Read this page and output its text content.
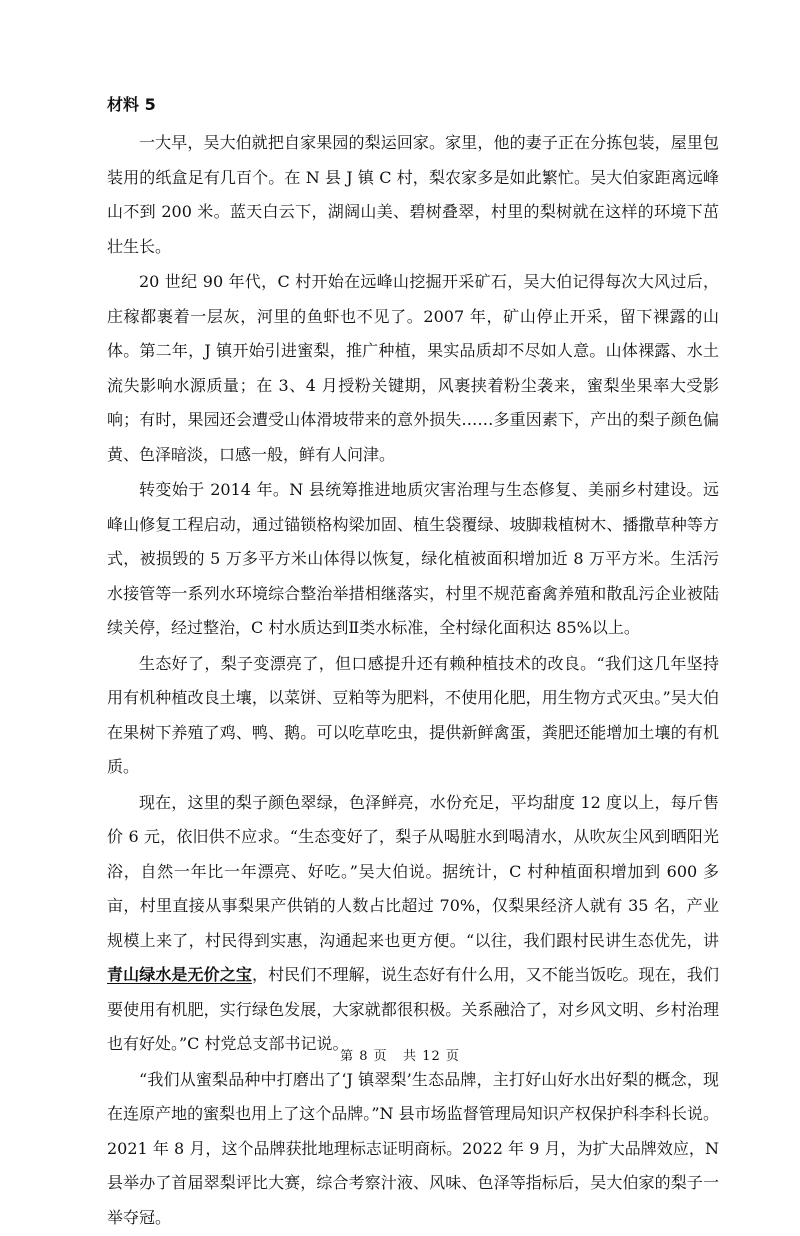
材料 5

一大早，吴大伯就把自家果园的梨运回家。家里，他的妻子正在分拣包装，屋里包装用的纸盒足有几百个。在 N 县 J 镇 C 村，梨农家多是如此繁忙。吴大伯家距离远峰山不到 200 米。蓝天白云下，湖阔山美、碧树叠翠，村里的梨树就在这样的环境下茁壮生长。

20 世纪 90 年代，C 村开始在远峰山挖掘开采矿石，吴大伯记得每次大风过后，庄稼都裹着一层灰，河里的鱼虾也不见了。2007 年，矿山停止开采，留下裸露的山体。第二年，J 镇开始引进蜜梨，推广种植，果实品质却不尽如人意。山体裸露、水土流失影响水源质量；在 3、4 月授粉关键期，风裹挟着粉尘袭来，蜜梨坐果率大受影响；有时，果园还会遭受山体滑坡带来的意外损失……多重因素下，产出的梨子颜色偏黄、色泽暗淡，口感一般，鲜有人问津。

转变始于 2014 年。N 县统筹推进地质灾害治理与生态修复、美丽乡村建设。远峰山修复工程启动，通过锚锁格构梁加固、植生袋覆绿、坡脚栽植树木、播撒草种等方式，被损毁的 5 万多平方米山体得以恢复，绿化植被面积增加近 8 万平方米。生活污水接管等一系列水环境综合整治举措相继落实，村里不规范畜禽养殖和散乱污企业被陆续关停，经过整治，C 村水质达到Ⅱ类水标准，全村绿化面积达 85%以上。

生态好了，梨子变漂亮了，但口感提升还有赖种植技术的改良。“我们这几年坚持用有机种植改良土壤，以菜饼、豆粕等为肥料，不使用化肥，用生物方式灭虫。”吴大伯在果树下养殖了鸡、鸭、鹅。可以吃草吃虫，提供新鲜禽蛋，粪肥还能增加土壤的有机质。

现在，这里的梨子颜色翠绿，色泽鲜亮，水份充足，平均甜度 12 度以上，每斤售价 6 元，依旧供不应求。“生态变好了，梨子从喝脏水到喝清水，从吹灰尘风到晒阳光浴，自然一年比一年漂亮、好吃。”吴大伯说。据统计，C 村种植面积增加到 600 多亩，村里直接从事梨果产供销的人数占比超过 70%，仅梨果经济人就有 35 名，产业规模上来了，村民得到实惠，沟通起来也更方便。“以往，我们跟村民讲生态优先，讲青山绿水是无价之宝，村民们不理解，说生态好有什么用，又不能当饭吃。现在，我们要使用有机肥，实行绿色发展，大家就都很积极。关系融洽了，对乡风文明、乡村治理也有好处。”C 村党总支部书记说。

“我们从蜜梨品种中打磨出了‘J 镇翠梨’生态品牌，主打好山好水出好梨的概念，现在连原产地的蜜梨也用上了这个品牌。”N 县市场监督管理局知识产权保护科李科长说。2021 年 8 月，这个品牌获批地理标志证明商标。2022 年 9 月，为扩大品牌效应，N 县举办了首届翠梨评比大赛，综合考察汁液、风味、色泽等指标后，吴大伯家的梨子一举夺冠。

第 8 页   共 12 页
